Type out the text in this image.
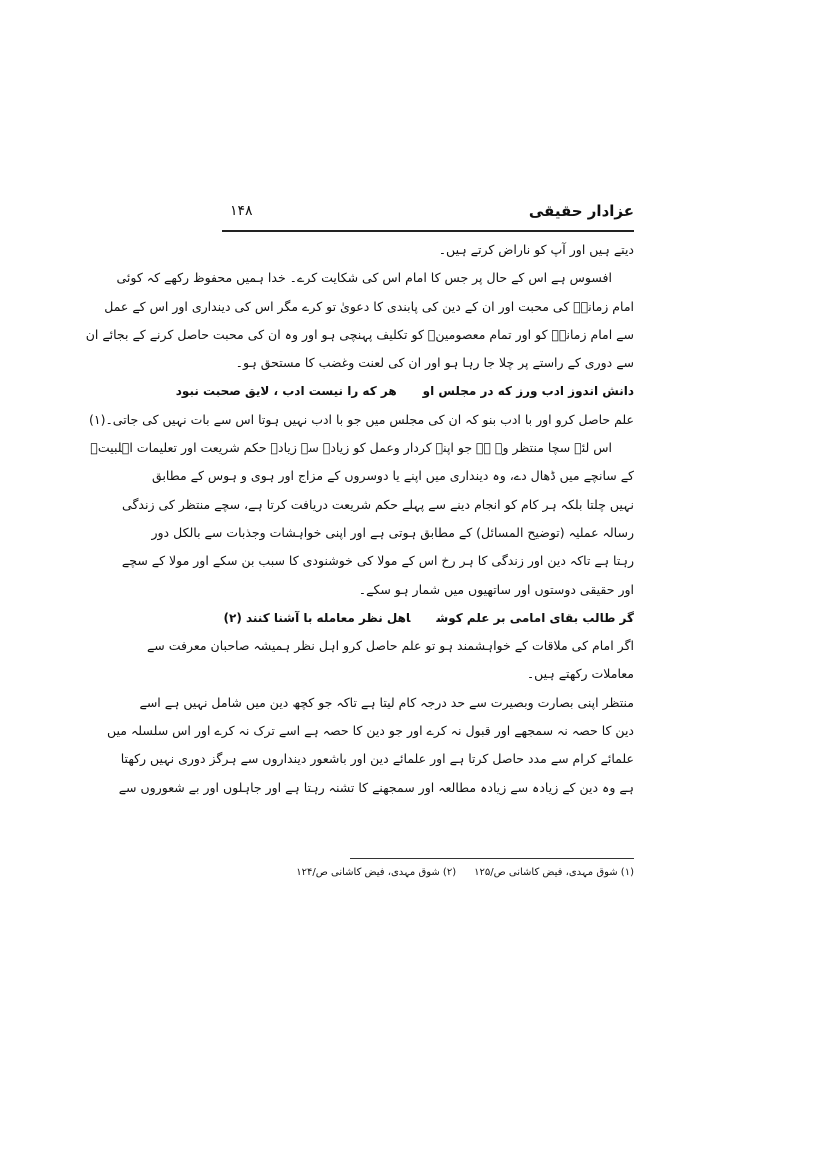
عزادار حقیقی
۱۴۸
دیتے ہیں اور آپ کو ناراض کرتے ہیں۔
افسوس ہے اس کے حال پر جس کا امام اس کی شکایت کرے۔ خدا ہمیں محفوظ رکھے کہ کوئی
امام زمانہؑ کی محبت اور ان کے دین کی پابندی کا دعویٰ تو کرے مگر اس کی دینداری اور اس کے عمل
سے امام زمانہؑ کو اور تمام معصومینؑ کو تکلیف پہنچی ہو اور وہ ان کی محبت حاصل کرنے کے بجائے ان
سے دوری کے راستے پر چلا جا رہا ہو اور ان کی لعنت وغضب کا مستحق ہو۔
دانش اندوز ادب ورز که در مجلس اوهر که را نیست ادب ، لایق صحبت نبود
علم حاصل کرو اور با ادب بنو کہ ان کی مجلس میں جو با ادب نہیں ہوتا اس سے بات نہیں کی جاتی۔(۱)
اس لئے سچا منتظر وہ ہے جو اپنے کردار وعمل کو زیادہ سے زیادہ حکم شریعت اور تعلیمات اہلبیتؑ
کے سانچے میں ڈھال دے، وہ دینداری میں اپنے یا دوسروں کے مزاج اور ہوی و ہوس کے مطابق
نہیں چلتا بلکہ ہر کام کو انجام دینے سے پہلے حکم شریعت دریافت کرتا ہے، سچے منتظر کی زندگی
رسالہ عملیہ (توضیح المسائل) کے مطابق ہوتی ہے اور اپنی خواہشات وجذبات سے بالکل دور
رہتا ہے تاکہ دین اور زندگی کا ہر رخ اس کے مولا کی خوشنودی کا سبب بن سکے اور مولا کے سچے
اور حقیقی دوستوں اور ساتھیوں میں شمار ہو سکے۔
گر طالب بقای امامی بر علم کوشاهل نظر معامله با آشنا کنند (۲)
اگر امام کی ملاقات کے خواہشمند ہو تو علم حاصل کرو اہل نظر ہمیشہ صاحبان معرفت سے
معاملات رکھتے ہیں۔
منتظر اپنی بصارت وبصیرت سے حد درجہ کام لیتا ہے تاکہ جو کچھ دین میں شامل نہیں ہے اسے
دین کا حصہ نہ سمجھے اور قبول نہ کرے اور جو دین کا حصہ ہے اسے ترک نہ کرے اور اس سلسلہ میں
علمائے کرام سے مدد حاصل کرتا ہے اور علمائے دین اور باشعور دینداروں سے ہرگز دوری نہیں رکھتا
ہے وہ دین کے زیادہ سے زیادہ مطالعہ اور سمجھنے کا تشنہ رہتا ہے اور جاہلوں اور بے شعوروں سے
(۱) شوق مہدی، فیض کاشانی ص/۱۲۵(۲) شوق مہدی، فیض کاشانی ص/۱۲۴
